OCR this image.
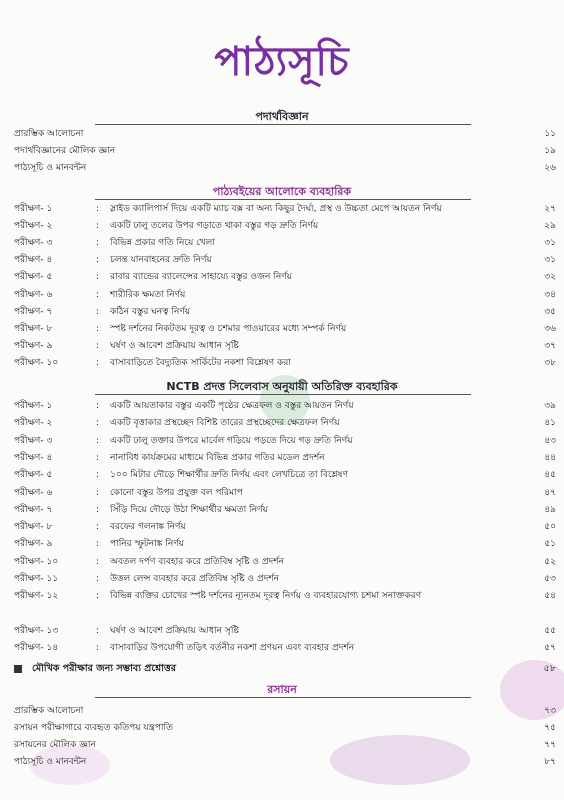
পাঠ্যসূচি
পদার্থবিজ্ঞান
প্রারম্ভিক আলোচনা	১১
পদার্থবিজ্ঞানের মৌলিক জ্ঞান	১৯
পাঠ্যসূচি ও মানবন্টন	২৬
পাঠ্যবইয়ের আলোকে ব্যবহারিক
পরীক্ষণ- ১	: স্লাইড ক্যালিপার্স দিয়ে একটি ম্যাচ বক্স বা অন্য কিছুর দৈর্ঘ্য, প্রস্থ ও উচ্চতা মেপে আয়তন নির্ণয়	২৭
পরীক্ষণ- ২	: একটি ঢালু তলের উপর গড়াতে থাকা বস্তুর গড় দ্রুতি নির্ণয়	২৯
পরীক্ষণ- ৩	: বিভিন্ন প্রকার গতি নিয়ে খেলা	৩১
পরীক্ষণ- ৪	: চলন্ত যানবাহনের দ্রুতি নির্ণয়	৩১
পরীক্ষণ- ৫	: রাবার ব্যান্ডের ব্যালেন্সের সাহায্যে বস্তুর ওজন নির্ণয়	৩২
পরীক্ষণ- ৬	: শারীরিক ক্ষমতা নির্ণয়	৩৪
পরীক্ষণ- ৭	: কঠিন বস্তুর ঘনত্ব নির্ণয়	৩৫
পরীক্ষণ- ৮	: স্পষ্ট দর্শনের নিকটতম দূরত্ব ও চশমার পাওয়ারের মধ্যে সম্পর্ক নির্ণয়	৩৬
পরীক্ষণ- ৯	: ঘর্ষণ ও আবেশ প্রক্রিয়ায় আধান সৃষ্টি	৩৭
পরীক্ষণ- ১০	: বাসাবাড়িতে বৈদ্যুতিক সার্কিটের নকশা বিশ্লেষণ করা	৩৮
NCTB প্রদত্ত সিলেবাস অনুযায়ী অতিরিক্ত ব্যবহারিক
পরীক্ষণ- ১	: একটি আয়তাকার বস্তুর একটি পৃষ্ঠের ক্ষেত্রফল ও বস্তুর আয়তন নির্ণয়	৩৯
পরীক্ষণ- ২	: একটি বৃত্তাকার প্রস্থচ্ছেদ বিশিষ্ট তারের প্রস্থচ্ছেদের ক্ষেত্রফল নির্ণয়	৪১
পরীক্ষণ- ৩	: একটি ঢালু তক্তার উপরে মার্বেল গড়িয়ে পড়তে দিয়ে গড় দ্রুতি নির্ণয়	৪৩
পরীক্ষণ- ৪	: নানাবিধ কার্যক্রমের মাধ্যমে বিভিন্ন প্রকার গতির মডেল প্রদর্শন	৪৪
পরীক্ষণ- ৫	: ১০০ মিটার দৌড়ে শিক্ষার্থীর দ্রুতি নির্ণয় এবং লেখচিত্রে তা বিশ্লেষণ	৪৫
পরীক্ষণ- ৬	: কোনো বস্তুর উপর প্রযুক্ত বল পরিমাপ	৪৭
পরীক্ষণ- ৭	: সিঁড়ি দিয়ে দৌড়ে উঠা শিক্ষার্থীর ক্ষমতা নির্ণয়	৪৯
পরীক্ষণ- ৮	: বরফের গলনাঙ্ক নির্ণয়	৫০
পরীক্ষণ- ৯	: পানির স্ফুটনাঙ্ক নির্ণয়	৫১
পরীক্ষণ- ১০	: অবতল দর্পণ ব্যবহার করে প্রতিবিম্ব সৃষ্টি ও প্রদর্শন	৫২
পরীক্ষণ- ১১	: উত্তল লেন্স ব্যবহার করে প্রতিবিম্ব সৃষ্টি ও প্রদর্শন	৫৩
পরীক্ষণ- ১২	: বিভিন্ন ব্যক্তির চোখের স্পষ্ট দর্শনের ন্যূনতম দূরত্ব নির্ণয় ও ব্যবহারযোগ্য চশমা সনাক্তকরণ	৫৪
পরীক্ষণ- ১৩	: ঘর্ষণ ও আবেশ প্রক্রিয়ায় আধান সৃষ্টি	৫৫
পরীক্ষণ- ১৪	: বাসাবাড়ির উপযোগী তড়িৎ বর্তনীর নকশা প্রণয়ন এবং ব্যবহার প্রদর্শন	৫৭
মৌখিক পরীক্ষার জন্য সম্ভাব্য প্রশ্নোত্তর	৫৮
রসায়ন
প্রারম্ভিক আলোচনা	৭৩
রসায়ন পরীক্ষাগারে ব্যবহৃত কতিপয় যন্ত্রপাতি	৭৫
রসায়নের মৌলিক জ্ঞান	৭৭
পাঠ্যসূচি ও মানবন্টন	৮৭
